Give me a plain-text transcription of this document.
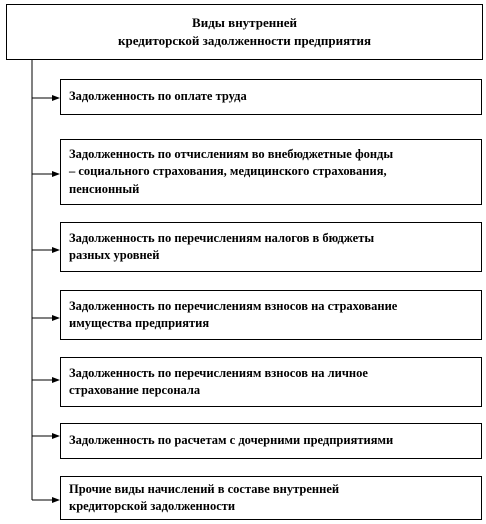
Виды внутренней
кредиторской задолженности предприятия
Задолженность по оплате труда
Задолженность по отчислениям во внебюджетные фонды
– социального страхования, медицинского страхования,
пенсионный
Задолженность по перечислениям налогов в бюджеты
разных уровней
Задолженность по перечислениям взносов на страхование
имущества предприятия
Задолженность по перечислениям взносов на личное
страхование персонала
Задолженность по расчетам с дочерними предприятиями
Прочие виды начислений в составе внутренней
кредиторской задолженности
